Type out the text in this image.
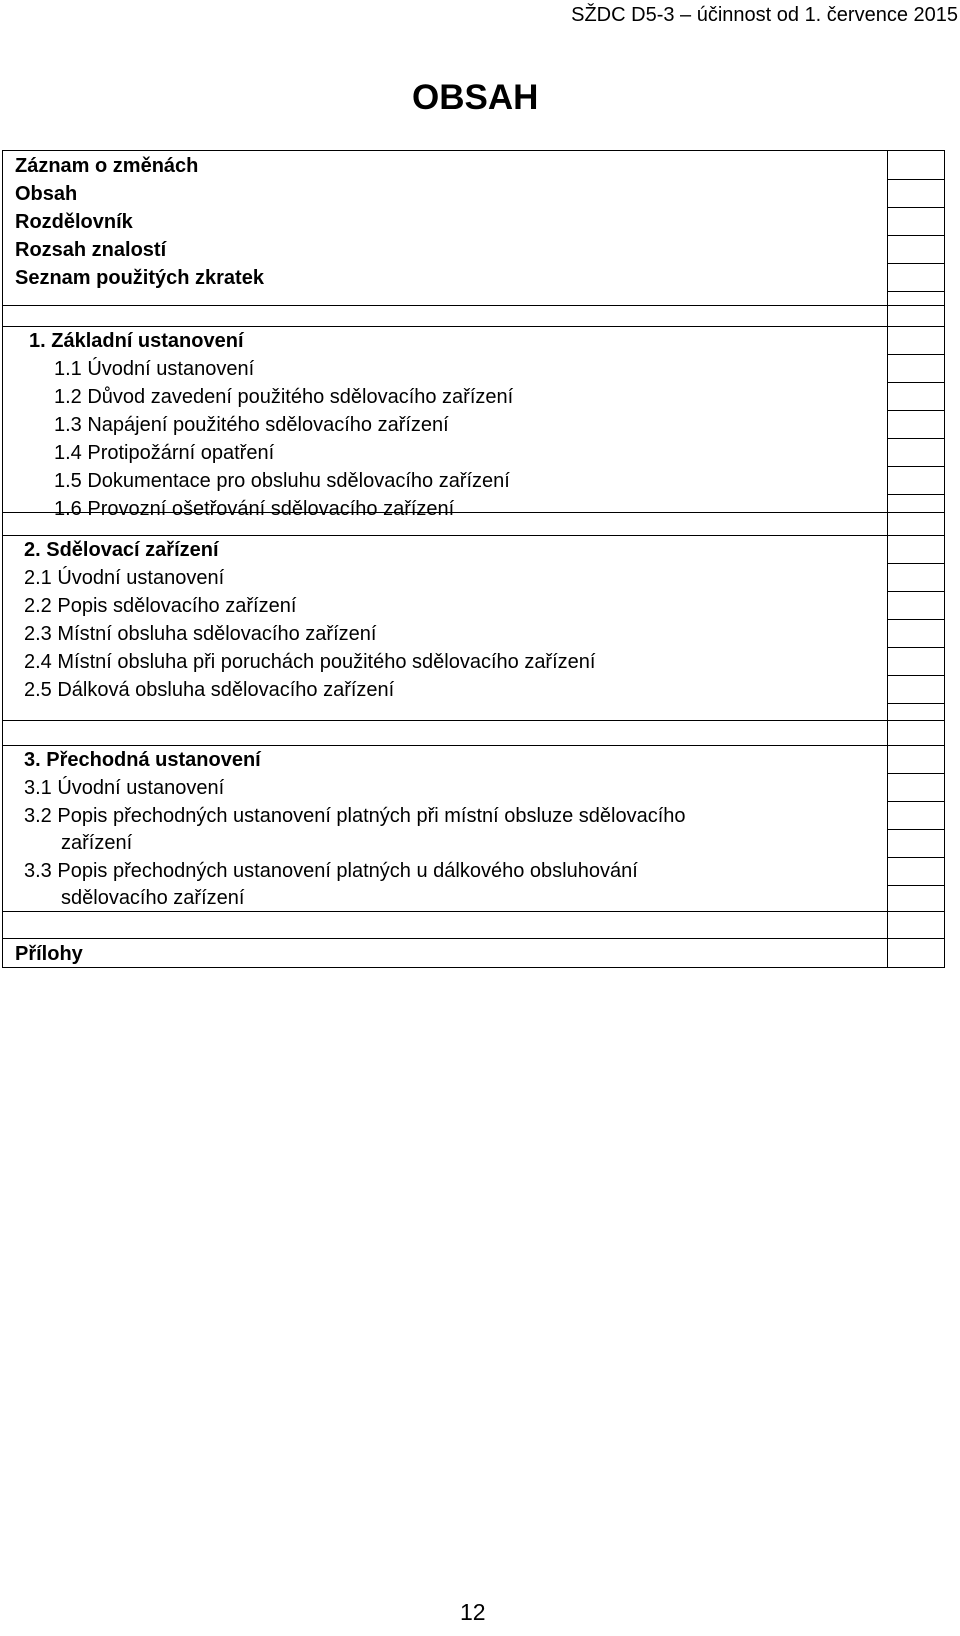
SŽDC D5-3 – účinnost od 1. července 2015
OBSAH
Záznam o změnách
Obsah
Rozdělovník
Rozsah znalostí
Seznam použitých zkratek
1. Základní ustanovení
1.1 Úvodní ustanovení
1.2 Důvod zavedení použitého sdělovacího zařízení
1.3 Napájení použitého sdělovacího zařízení
1.4 Protipožární opatření
1.5 Dokumentace pro obsluhu sdělovacího zařízení
1.6 Provozní ošetřování sdělovacího zařízení
2. Sdělovací zařízení
2.1 Úvodní ustanovení
2.2 Popis sdělovacího zařízení
2.3 Místní obsluha sdělovacího zařízení
2.4 Místní obsluha při poruchách použitého sdělovacího zařízení
2.5 Dálková obsluha sdělovacího zařízení
3. Přechodná ustanovení
3.1 Úvodní ustanovení
3.2 Popis přechodných ustanovení platných při místní obsluze sdělovacího
zařízení
3.3 Popis přechodných ustanovení platných u dálkového obsluhování
sdělovacího zařízení
Přílohy
12
